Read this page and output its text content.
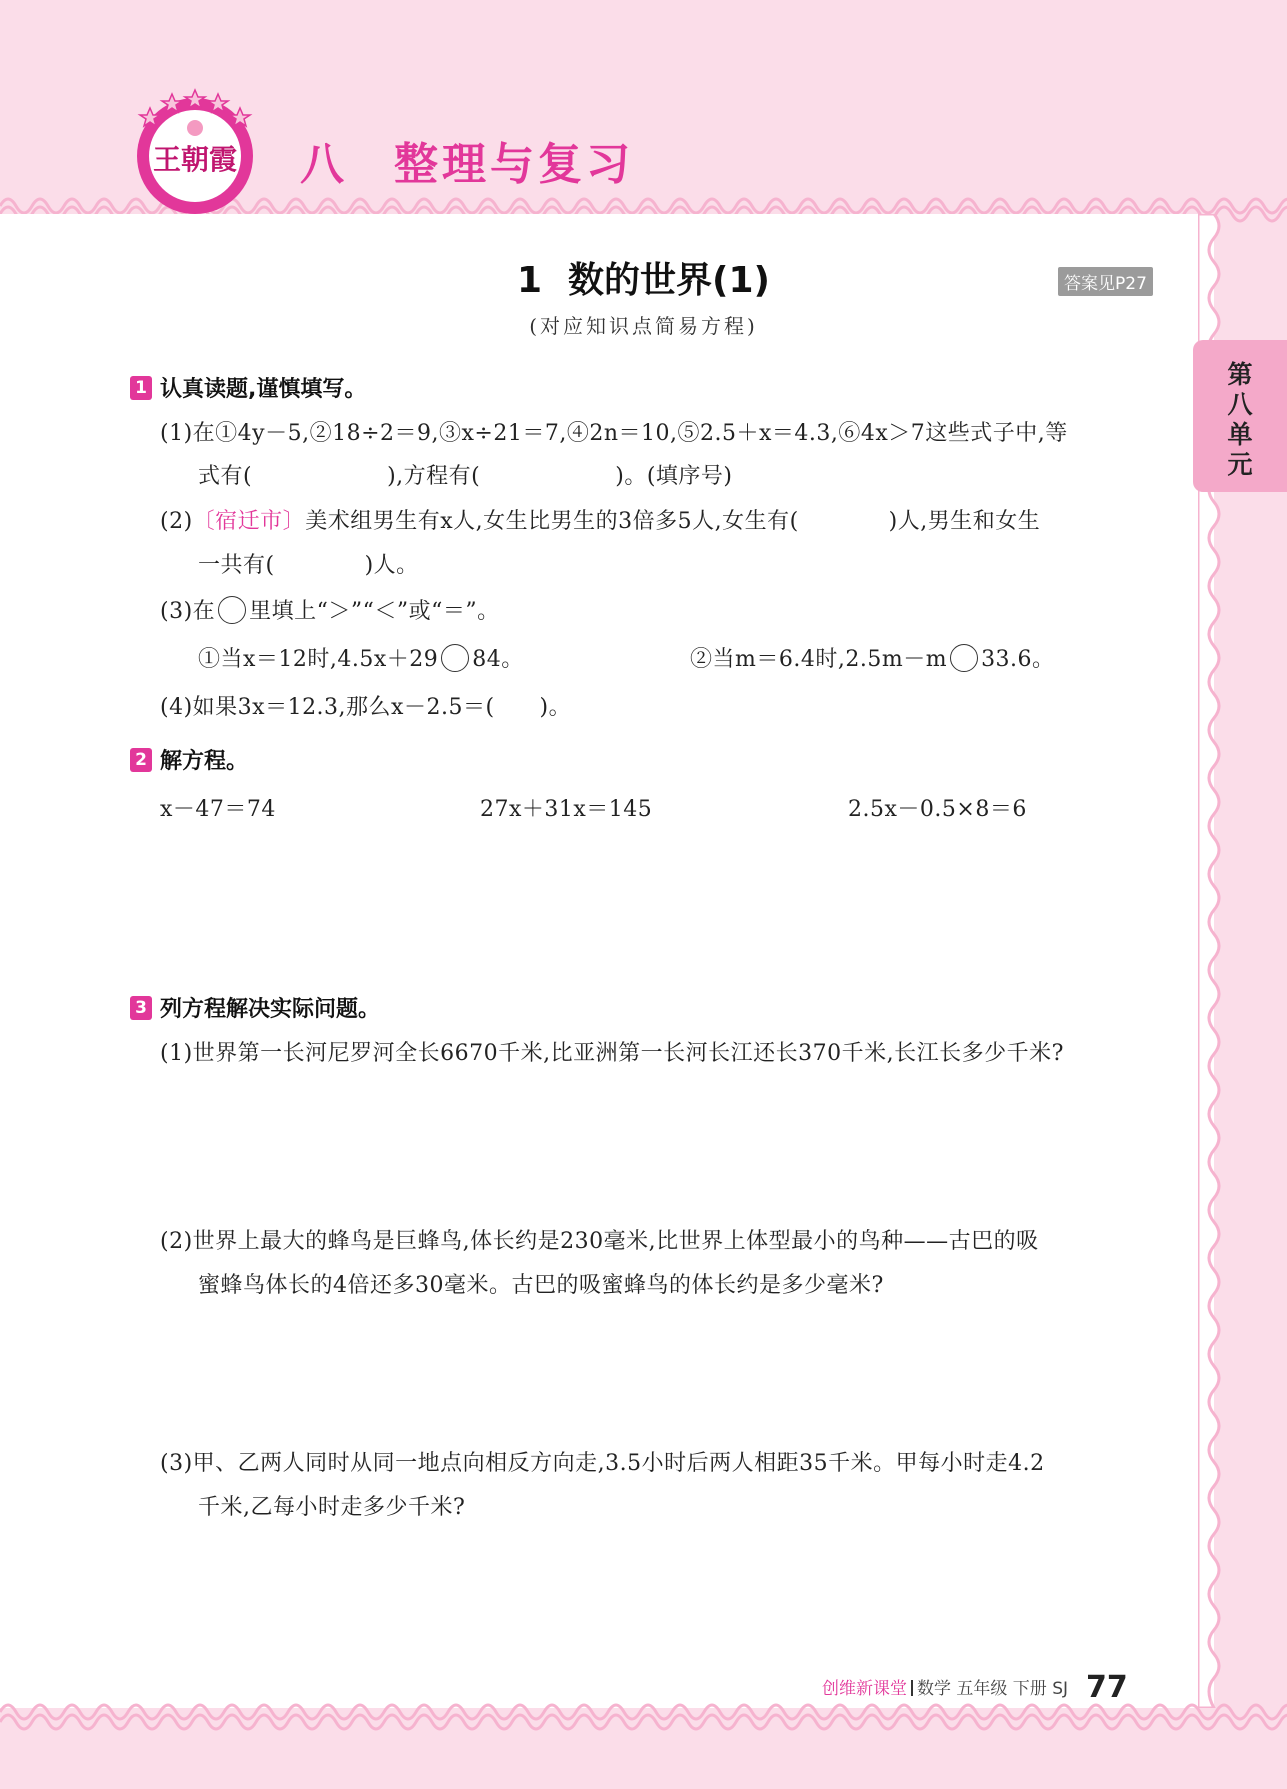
王朝霞 八 整理与复习
1 数的世界(1)
(对应知识点简易方程)
答案见P27
第八单元
1 认真读题,谨慎填写。
(1)在①4y－5,②18÷2＝9,③x÷21＝7,④2n＝10,⑤2.5＋x＝4.3,⑥4x＞7这些式子中,等
式有(　　　　　　),方程有(　　　　　　)。(填序号)
(2)〔宿迁市〕美术组男生有x人,女生比男生的3倍多5人,女生有(　　　　)人,男生和女生
一共有(　　　　)人。
(3)在 里填上“＞”“＜”或“＝”。
①当x＝12时,4.5x＋29 84。	②当m＝6.4时,2.5m－m 33.6。
(4)如果3x＝12.3,那么x－2.5＝(　　)。
2 解方程。
x－47＝74	27x＋31x＝145	2.5x－0.5×8＝6
3 列方程解决实际问题。
(1)世界第一长河尼罗河全长6670千米,比亚洲第一长河长江还长370千米,长江长多少千米?
(2)世界上最大的蜂鸟是巨蜂鸟,体长约是230毫米,比世界上体型最小的鸟种——古巴的吸
蜜蜂鸟体长的4倍还多30毫米。古巴的吸蜜蜂鸟的体长约是多少毫米?
(3)甲、乙两人同时从同一地点向相反方向走,3.5小时后两人相距35千米。甲每小时走4.2
千米,乙每小时走多少千米?
创维新课堂 数学 五年级 下册 SJ 77
